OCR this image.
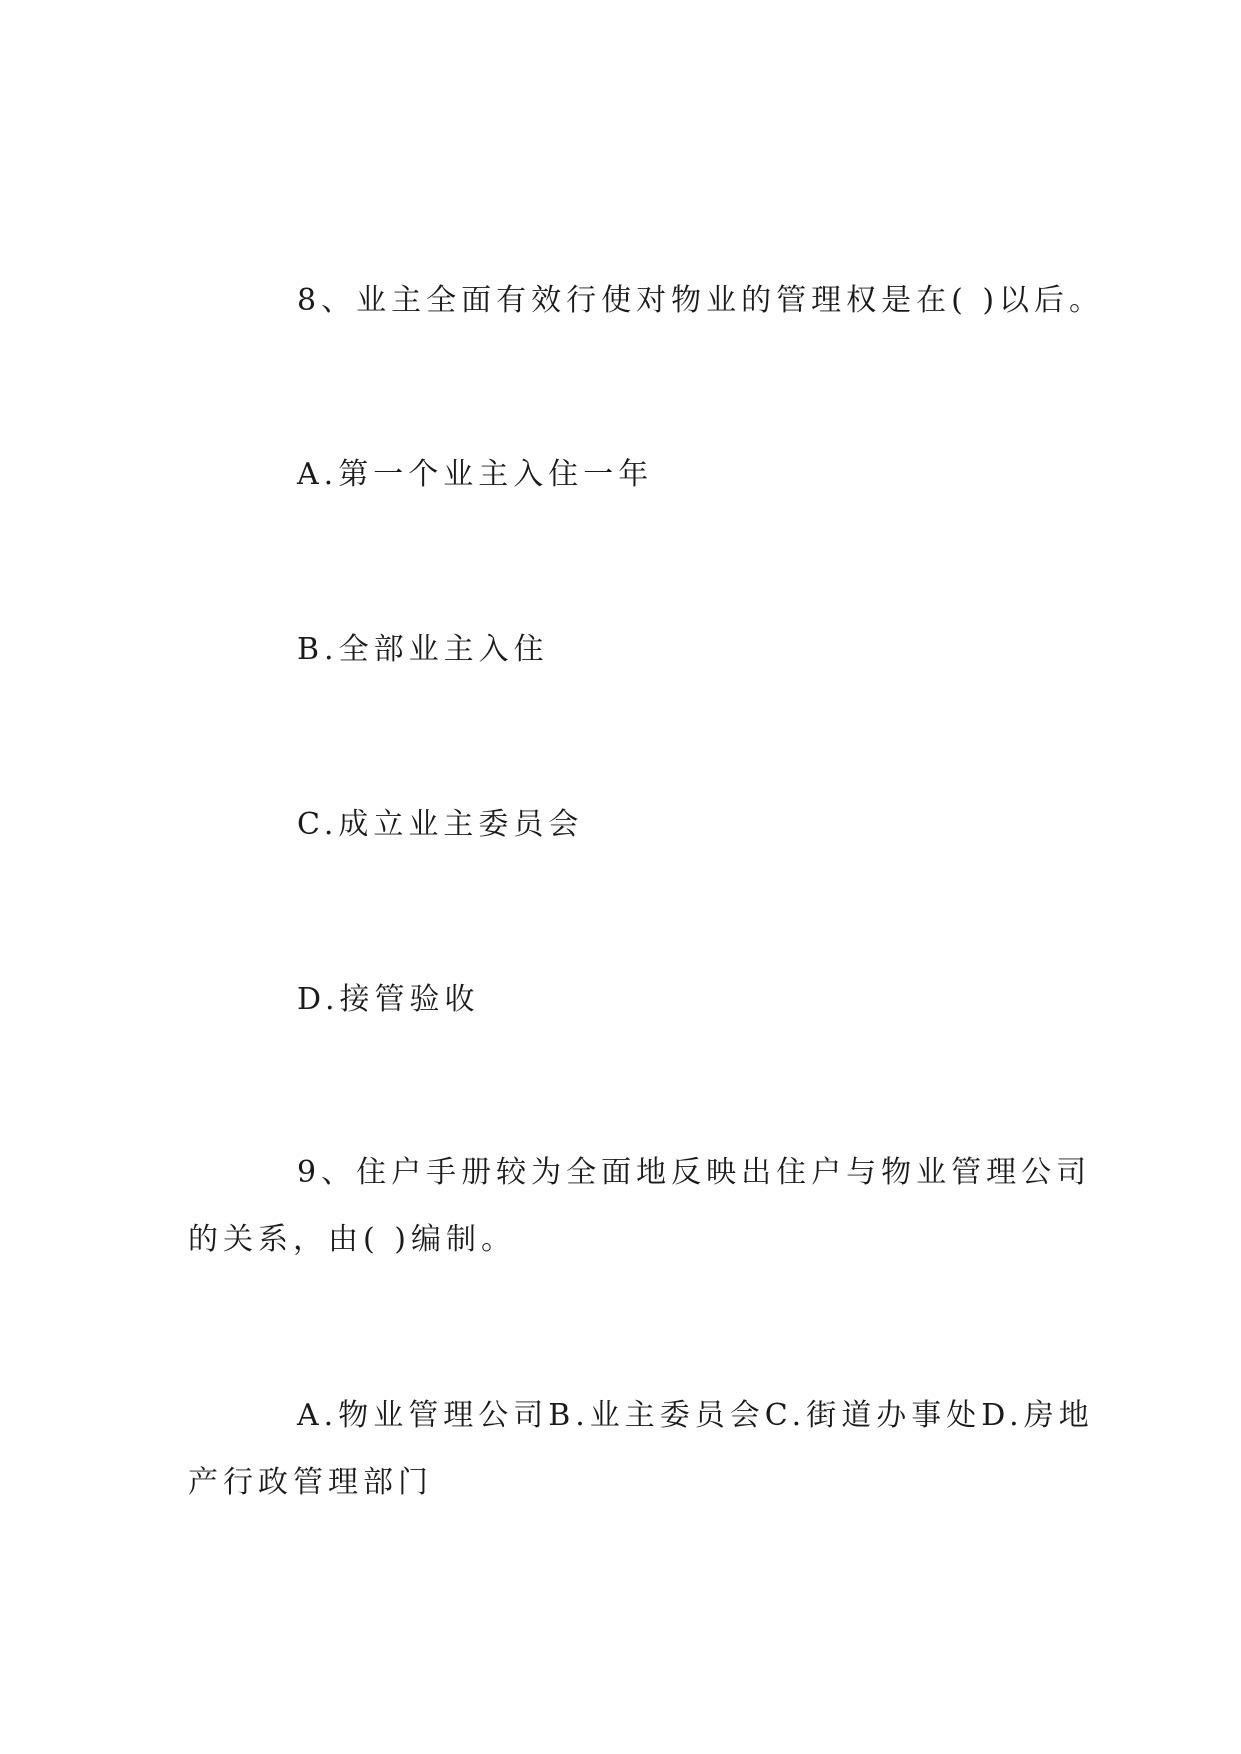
8、业主全面有效行使对物业的管理权是在( )以后。
A.第一个业主入住一年
B.全部业主入住
C.成立业主委员会
D.接管验收
9、住户手册较为全面地反映出住户与物业管理公司
的关系，由( )编制。
A.物业管理公司B.业主委员会C.街道办事处D.房地
产行政管理部门
